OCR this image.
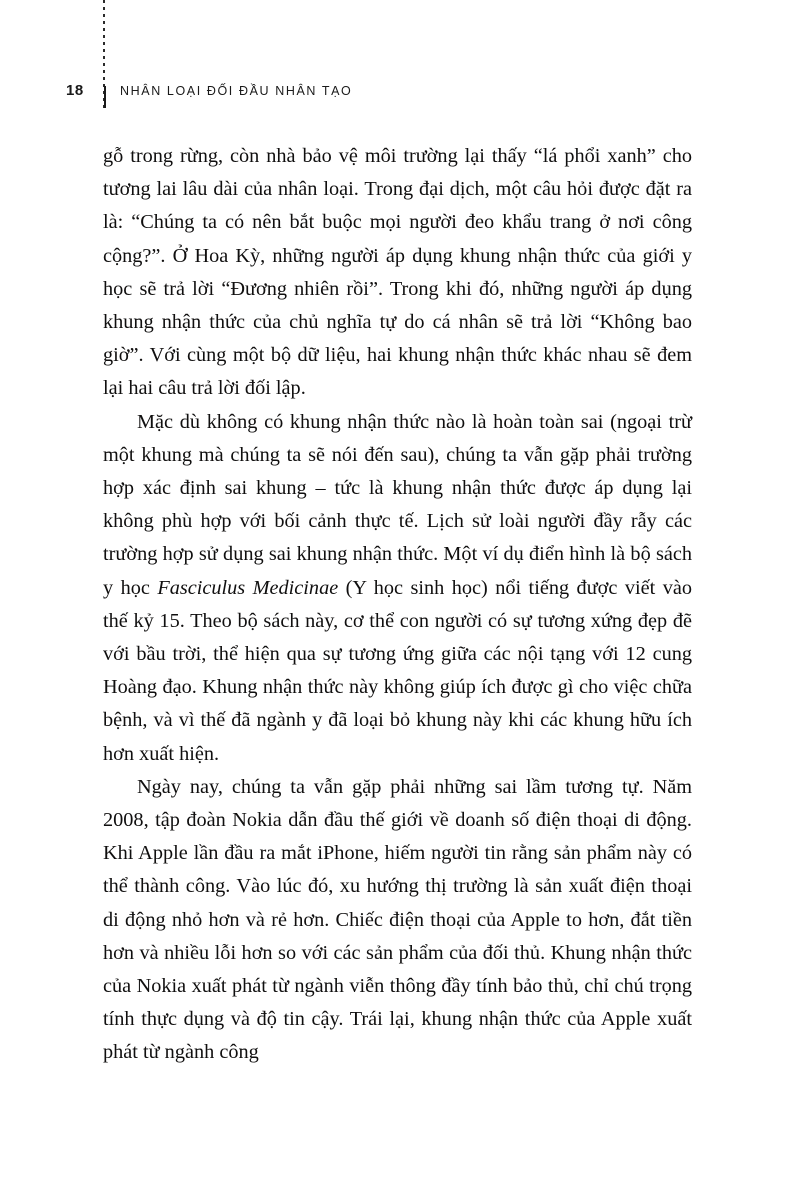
18	NHÂN LOẠI ĐỐI ĐẦU NHÂN TẠO

gỗ trong rừng, còn nhà bảo vệ môi trường lại thấy “lá phổi xanh” cho tương lai lâu dài của nhân loại. Trong đại dịch, một câu hỏi được đặt ra là: “Chúng ta có nên bắt buộc mọi người đeo khẩu trang ở nơi công cộng?”. Ở Hoa Kỳ, những người áp dụng khung nhận thức của giới y học sẽ trả lời “Đương nhiên rồi”. Trong khi đó, những người áp dụng khung nhận thức của chủ nghĩa tự do cá nhân sẽ trả lời “Không bao giờ”. Với cùng một bộ dữ liệu, hai khung nhận thức khác nhau sẽ đem lại hai câu trả lời đối lập.

Mặc dù không có khung nhận thức nào là hoàn toàn sai (ngoại trừ một khung mà chúng ta sẽ nói đến sau), chúng ta vẫn gặp phải trường hợp xác định sai khung – tức là khung nhận thức được áp dụng lại không phù hợp với bối cảnh thực tế. Lịch sử loài người đầy rẫy các trường hợp sử dụng sai khung nhận thức. Một ví dụ điển hình là bộ sách y học Fasciculus Medicinae (Y học sinh học) nổi tiếng được viết vào thế kỷ 15. Theo bộ sách này, cơ thể con người có sự tương xứng đẹp đẽ với bầu trời, thể hiện qua sự tương ứng giữa các nội tạng với 12 cung Hoàng đạo. Khung nhận thức này không giúp ích được gì cho việc chữa bệnh, và vì thế đã ngành y đã loại bỏ khung này khi các khung hữu ích hơn xuất hiện.

Ngày nay, chúng ta vẫn gặp phải những sai lầm tương tự. Năm 2008, tập đoàn Nokia dẫn đầu thế giới về doanh số điện thoại di động. Khi Apple lần đầu ra mắt iPhone, hiếm người tin rằng sản phẩm này có thể thành công. Vào lúc đó, xu hướng thị trường là sản xuất điện thoại di động nhỏ hơn và rẻ hơn. Chiếc điện thoại của Apple to hơn, đắt tiền hơn và nhiều lỗi hơn so với các sản phẩm của đối thủ. Khung nhận thức của Nokia xuất phát từ ngành viễn thông đầy tính bảo thủ, chỉ chú trọng tính thực dụng và độ tin cậy. Trái lại, khung nhận thức của Apple xuất phát từ ngành công
